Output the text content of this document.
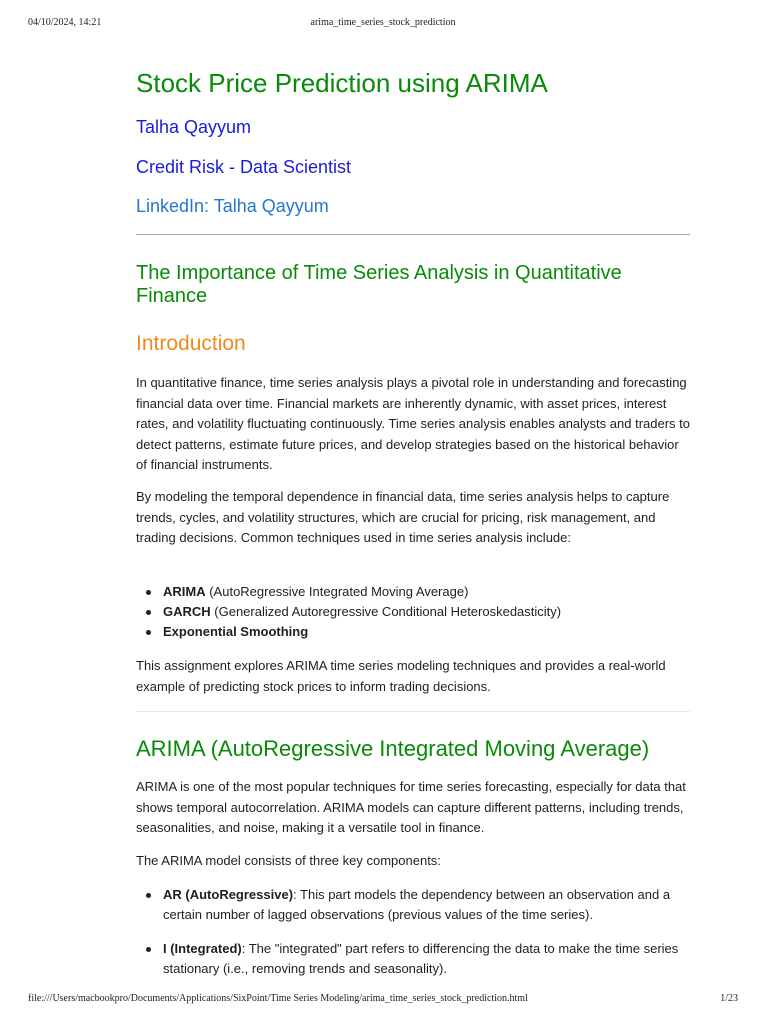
04/10/2024, 14:21	arima_time_series_stock_prediction
Stock Price Prediction using ARIMA
Talha Qayyum
Credit Risk - Data Scientist
LinkedIn: Talha Qayyum
The Importance of Time Series Analysis in Quantitative Finance
Introduction

In quantitative finance, time series analysis plays a pivotal role in understanding and forecasting financial data over time. Financial markets are inherently dynamic, with asset prices, interest rates, and volatility fluctuating continuously. Time series analysis enables analysts and traders to detect patterns, estimate future prices, and develop strategies based on the historical behavior of financial instruments.

By modeling the temporal dependence in financial data, time series analysis helps to capture trends, cycles, and volatility structures, which are crucial for pricing, risk management, and trading decisions. Common techniques used in time series analysis include:

ARIMA (AutoRegressive Integrated Moving Average)
GARCH (Generalized Autoregressive Conditional Heteroskedasticity)
Exponential Smoothing

This assignment explores ARIMA time series modeling techniques and provides a real-world example of predicting stock prices to inform trading decisions.

ARIMA (AutoRegressive Integrated Moving Average)

ARIMA is one of the most popular techniques for time series forecasting, especially for data that shows temporal autocorrelation. ARIMA models can capture different patterns, including trends, seasonalities, and noise, making it a versatile tool in finance.

The ARIMA model consists of three key components:

AR (AutoRegressive): This part models the dependency between an observation and a certain number of lagged observations (previous values of the time series).
I (Integrated): The "integrated" part refers to differencing the data to make the time series stationary (i.e., removing trends and seasonality).
file:///Users/macbookpro/Documents/Applications/SixPoint/Time Series Modeling/arima_time_series_stock_prediction.html	1/23
